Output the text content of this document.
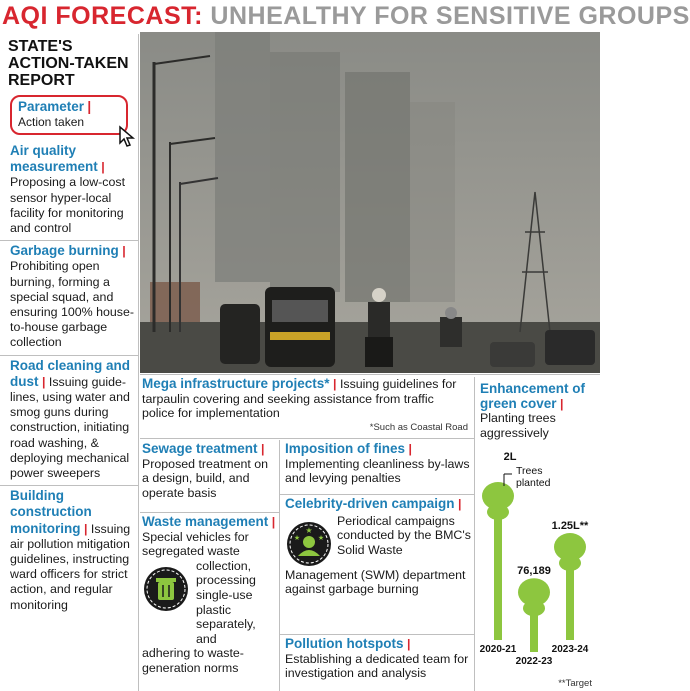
AQI FORECAST: UNHEALTHY FOR SENSITIVE GROUPS
STATE'S
ACTION-TAKEN
REPORT
Parameter |
Action taken
Air quality measurement |
Proposing a low-cost sensor hyper-local facility for monitoring and control
Garbage burning |
Prohibiting open burning, forming a special squad, and ensuring 100% house-to-house garbage collection
Road cleaning and dust | Issuing guide-lines, using water and smog guns during construction, initiating road washing, & deploying mechanical power sweepers
Building construction monitoring | Issuing air pollution mitigation guidelines, instructing ward officers for strict action, and regular monitoring
Mega infrastructure projects* | Issuing guidelines for tarpaulin covering and seeking assistance from traffic police for implementation
*Such as Coastal Road
Sewage treatment |
Proposed treatment on a design, build, and operate basis
Imposition of fines |
Implementing cleanliness by-laws and levying penalties
Waste management |
Special vehicles for segregated waste
collection, processing single-use plastic separately, and
adhering to waste-generation norms
Celebrity-driven campaign |
★
★	★
Periodical campaigns conducted by the BMC's Solid Waste
Management (SWM) department against garbage burning
Pollution hotspots |
Establishing a dedicated team for investigation and analysis
Enhancement of green cover |
Planting trees aggressively
2L
2020-21
76,189
2022-23
1.25L**
2023-24
Trees
planted
**Target
